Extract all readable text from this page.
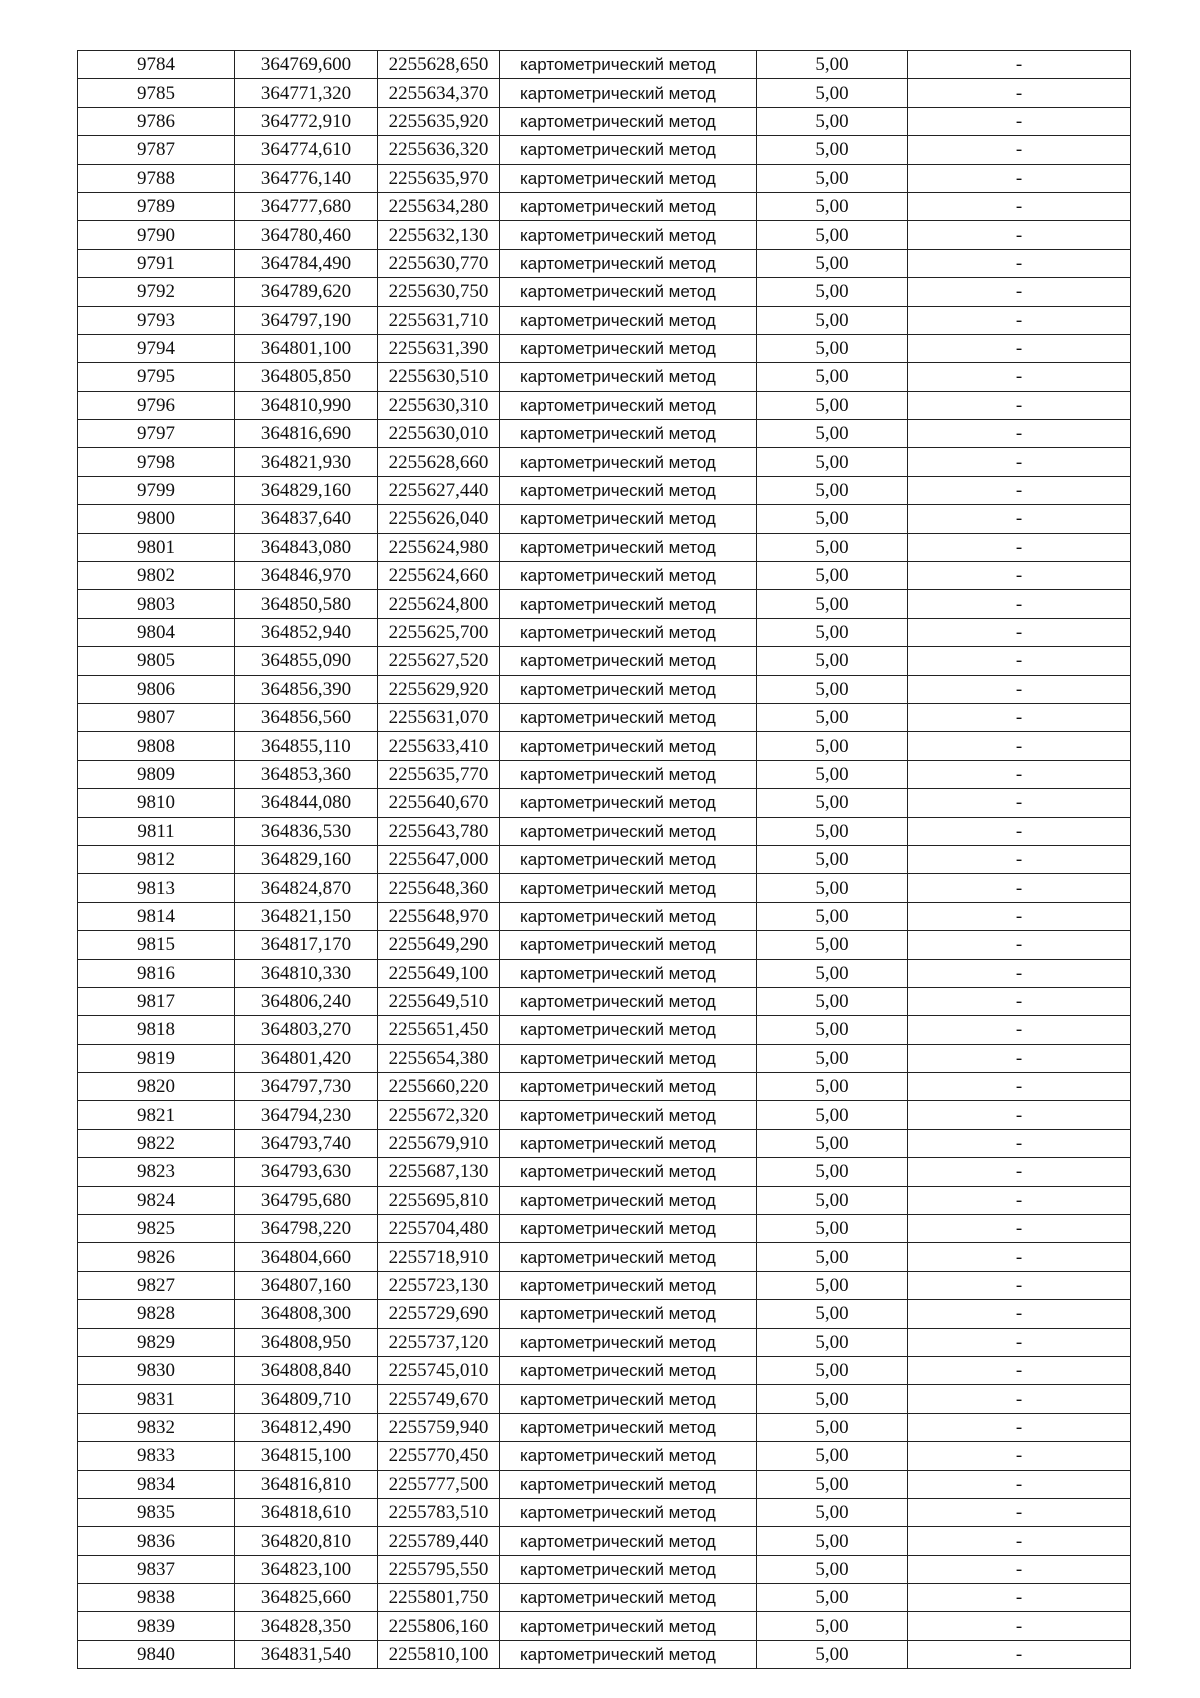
9784	364769,600	2255628,650	картометрический метод	5,00	-
9785	364771,320	2255634,370	картометрический метод	5,00	-
9786	364772,910	2255635,920	картометрический метод	5,00	-
9787	364774,610	2255636,320	картометрический метод	5,00	-
9788	364776,140	2255635,970	картометрический метод	5,00	-
9789	364777,680	2255634,280	картометрический метод	5,00	-
9790	364780,460	2255632,130	картометрический метод	5,00	-
9791	364784,490	2255630,770	картометрический метод	5,00	-
9792	364789,620	2255630,750	картометрический метод	5,00	-
9793	364797,190	2255631,710	картометрический метод	5,00	-
9794	364801,100	2255631,390	картометрический метод	5,00	-
9795	364805,850	2255630,510	картометрический метод	5,00	-
9796	364810,990	2255630,310	картометрический метод	5,00	-
9797	364816,690	2255630,010	картометрический метод	5,00	-
9798	364821,930	2255628,660	картометрический метод	5,00	-
9799	364829,160	2255627,440	картометрический метод	5,00	-
9800	364837,640	2255626,040	картометрический метод	5,00	-
9801	364843,080	2255624,980	картометрический метод	5,00	-
9802	364846,970	2255624,660	картометрический метод	5,00	-
9803	364850,580	2255624,800	картометрический метод	5,00	-
9804	364852,940	2255625,700	картометрический метод	5,00	-
9805	364855,090	2255627,520	картометрический метод	5,00	-
9806	364856,390	2255629,920	картометрический метод	5,00	-
9807	364856,560	2255631,070	картометрический метод	5,00	-
9808	364855,110	2255633,410	картометрический метод	5,00	-
9809	364853,360	2255635,770	картометрический метод	5,00	-
9810	364844,080	2255640,670	картометрический метод	5,00	-
9811	364836,530	2255643,780	картометрический метод	5,00	-
9812	364829,160	2255647,000	картометрический метод	5,00	-
9813	364824,870	2255648,360	картометрический метод	5,00	-
9814	364821,150	2255648,970	картометрический метод	5,00	-
9815	364817,170	2255649,290	картометрический метод	5,00	-
9816	364810,330	2255649,100	картометрический метод	5,00	-
9817	364806,240	2255649,510	картометрический метод	5,00	-
9818	364803,270	2255651,450	картометрический метод	5,00	-
9819	364801,420	2255654,380	картометрический метод	5,00	-
9820	364797,730	2255660,220	картометрический метод	5,00	-
9821	364794,230	2255672,320	картометрический метод	5,00	-
9822	364793,740	2255679,910	картометрический метод	5,00	-
9823	364793,630	2255687,130	картометрический метод	5,00	-
9824	364795,680	2255695,810	картометрический метод	5,00	-
9825	364798,220	2255704,480	картометрический метод	5,00	-
9826	364804,660	2255718,910	картометрический метод	5,00	-
9827	364807,160	2255723,130	картометрический метод	5,00	-
9828	364808,300	2255729,690	картометрический метод	5,00	-
9829	364808,950	2255737,120	картометрический метод	5,00	-
9830	364808,840	2255745,010	картометрический метод	5,00	-
9831	364809,710	2255749,670	картометрический метод	5,00	-
9832	364812,490	2255759,940	картометрический метод	5,00	-
9833	364815,100	2255770,450	картометрический метод	5,00	-
9834	364816,810	2255777,500	картометрический метод	5,00	-
9835	364818,610	2255783,510	картометрический метод	5,00	-
9836	364820,810	2255789,440	картометрический метод	5,00	-
9837	364823,100	2255795,550	картометрический метод	5,00	-
9838	364825,660	2255801,750	картометрический метод	5,00	-
9839	364828,350	2255806,160	картометрический метод	5,00	-
9840	364831,540	2255810,100	картометрический метод	5,00	-
